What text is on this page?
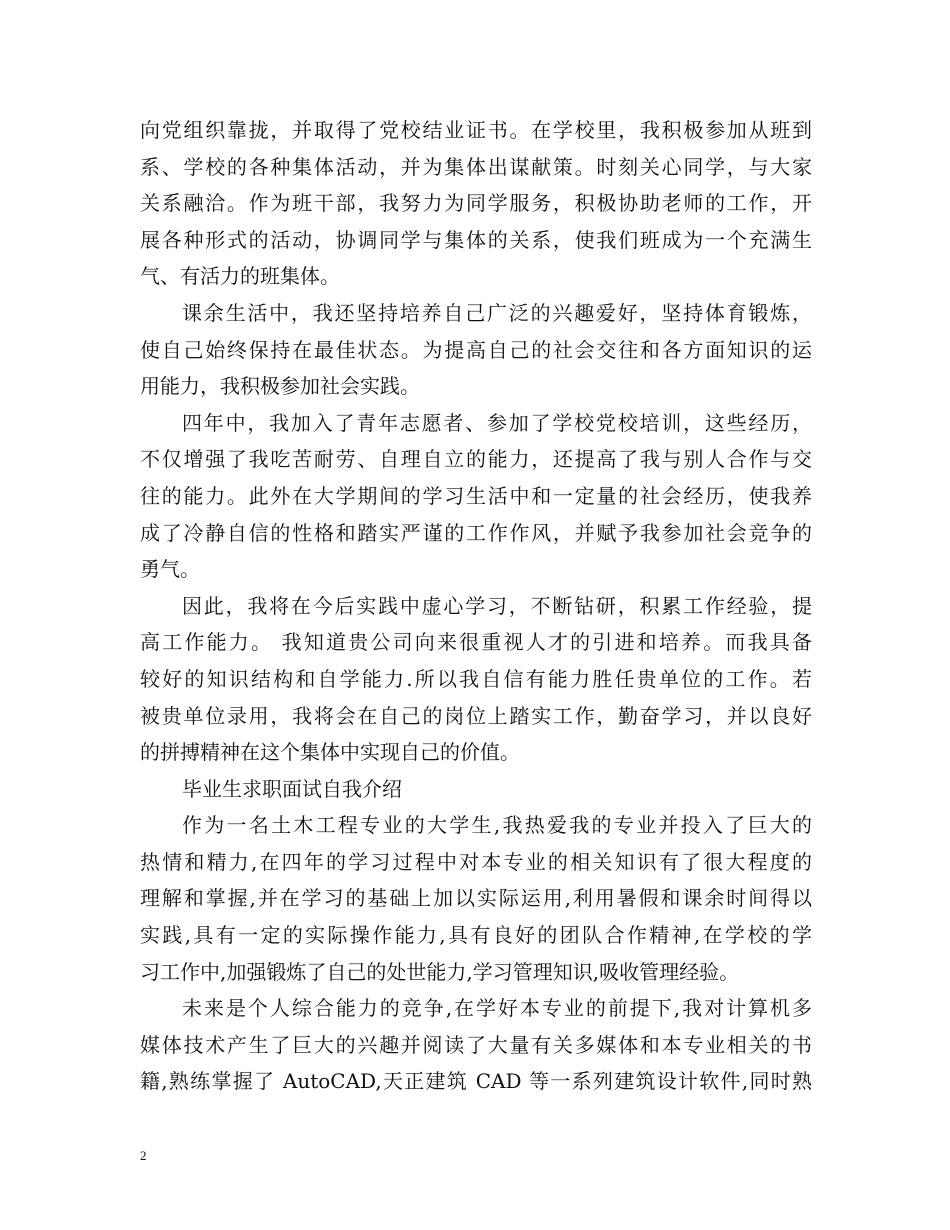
向党组织靠拢，并取得了党校结业证书。在学校里，我积极参加从班到
系、学校的各种集体活动，并为集体出谋献策。时刻关心同学，与大家
关系融洽。作为班干部，我努力为同学服务，积极协助老师的工作，开
展各种形式的活动，协调同学与集体的关系，使我们班成为一个充满生
气、有活力的班集体。
课余生活中，我还坚持培养自己广泛的兴趣爱好，坚持体育锻炼，
使自己始终保持在最佳状态。为提高自己的社会交往和各方面知识的运
用能力，我积极参加社会实践。
四年中，我加入了青年志愿者、参加了学校党校培训，这些经历，
不仅增强了我吃苦耐劳、自理自立的能力，还提高了我与别人合作与交
往的能力。此外在大学期间的学习生活中和一定量的社会经历，使我养
成了冷静自信的性格和踏实严谨的工作作风，并赋予我参加社会竞争的
勇气。
因此，我将在今后实践中虚心学习，不断钻研，积累工作经验，提
高工作能力。 我知道贵公司向来很重视人才的引进和培养。而我具备
较好的知识结构和自学能力.所以我自信有能力胜任贵单位的工作。若
被贵单位录用，我将会在自己的岗位上踏实工作，勤奋学习，并以良好
的拼搏精神在这个集体中实现自己的价值。
毕业生求职面试自我介绍
作为一名土木工程专业的大学生,我热爱我的专业并投入了巨大的
热情和精力,在四年的学习过程中对本专业的相关知识有了很大程度的
理解和掌握,并在学习的基础上加以实际运用,利用暑假和课余时间得以
实践,具有一定的实际操作能力,具有良好的团队合作精神,在学校的学
习工作中,加强锻炼了自己的处世能力,学习管理知识,吸收管理经验。
未来是个人综合能力的竞争,在学好本专业的前提下,我对计算机多
媒体技术产生了巨大的兴趣并阅读了大量有关多媒体和本专业相关的书
籍,熟练掌握了 AutoCAD,天正建筑 CAD 等一系列建筑设计软件,同时熟
2
